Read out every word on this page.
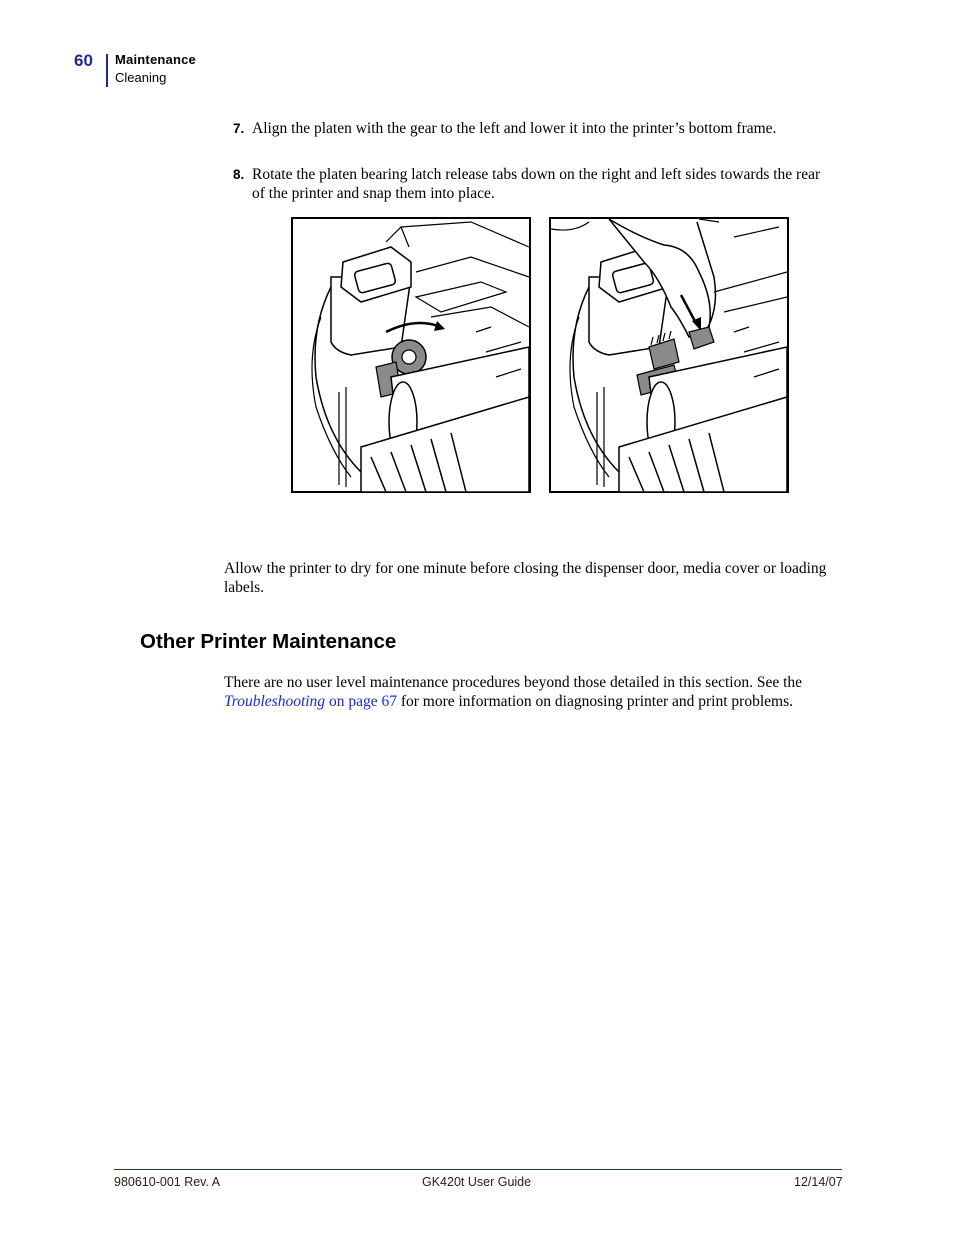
60 Maintenance
Cleaning
7. Align the platen with the gear to the left and lower it into the printer’s bottom frame.
8. Rotate the platen bearing latch release tabs down on the right and left sides towards the rear of the printer and snap them into place.
Allow the printer to dry for one minute before closing the dispenser door, media cover or loading labels.
Other Printer Maintenance
There are no user level maintenance procedures beyond those detailed in this section. See the Troubleshooting on page 67 for more information on diagnosing printer and print problems.
980610-001 Rev. A	GK420t User Guide	12/14/07
